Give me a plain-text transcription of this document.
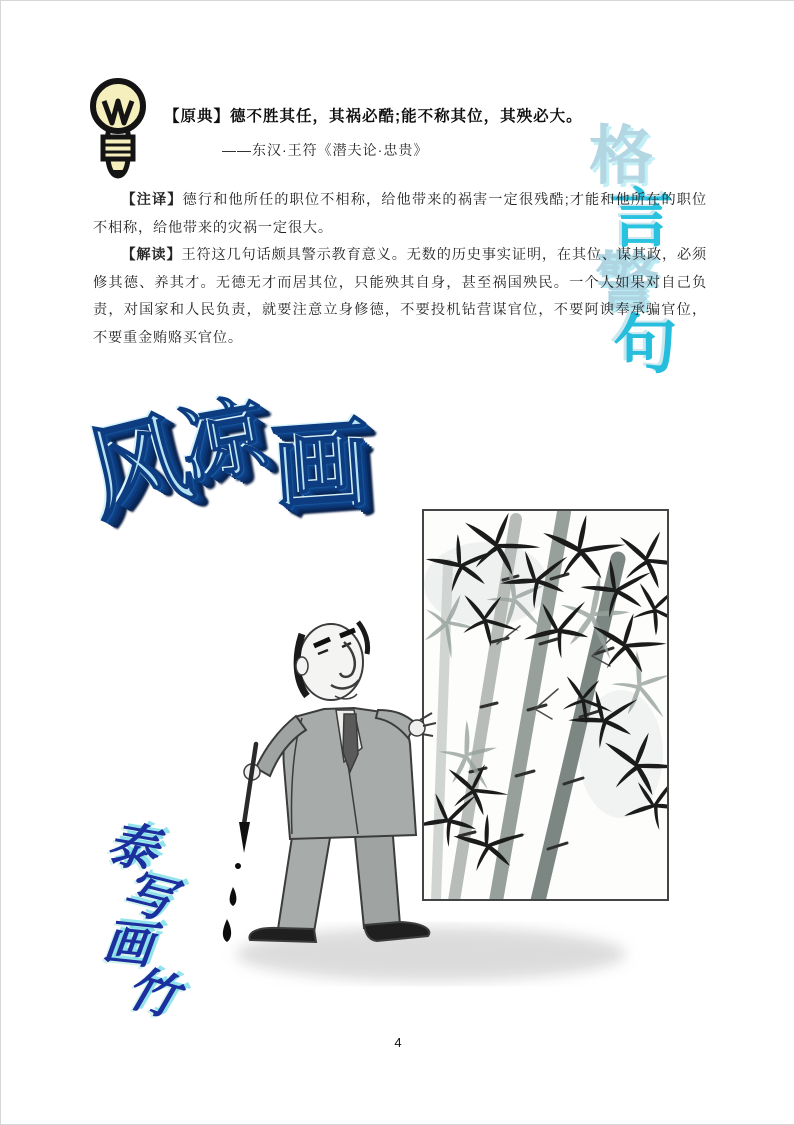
【原典】德不胜其任，其祸必酷;能不称其位，其殃必大。
——东汉·王符《潜夫论·忠贵》

【注译】德行和他所任的职位不相称，给他带来的祸害一定很残酷;才能和他所在的职位不相称，给他带来的灾祸一定很大。

【解读】王符这几句话颇具警示教育意义。无数的历史事实证明，在其位、谋其政，必须修其德、养其才。无德无才而居其位，只能殃其自身，甚至祸国殃民。一个人如果对自己负责，对国家和人民负责，就要注意立身修德，不要投机钻营谋官位，不要阿谀奉承骗官位，不要重金贿赂买官位。

格
言
警
句
风
凉
画
泰
写
画
竹
4
